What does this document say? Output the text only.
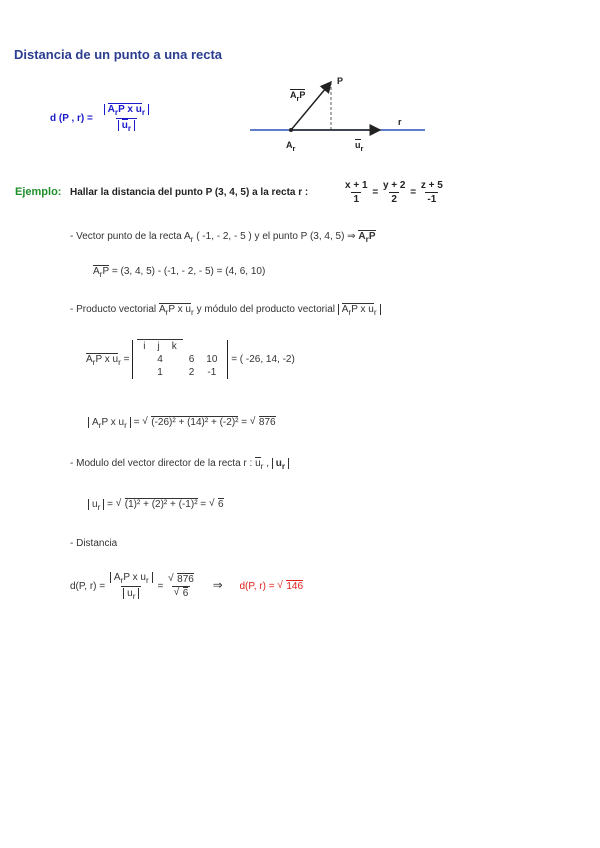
Distancia de un punto a una recta
d (P , $r) = \frac{A_rP x u_r}{u_r}$
P
r
$A_rP$
$A_r$	$u_r$
Ejemplo: Hallar la distancia del punto P (3, 4, 5) a la recta r :	$\frac{x + 1}{1} = \frac{y + 2}{2} = \frac{z + 5}{-1}$
- Vector punto de la recta $A_r$ ( -1, - 2, - 5 ) y el punto P (3, 4, 5) ⇒ $A_rP$
$A_rP = (3$, 4, 5) - (-1, - 2, - 5) = (4, 6, 10)
- Producto vectorial $A_rP$ x $u_r$ y módulo del producto vectorial $A_rP$ x $u_r$
$A_rP$ x $u_r$ =
i j k
4	6	10
1	2	-1
= ( -26, 14, -2)
$A_rP$ x $u_r$ = √ (-26)² + (14)² + (-2)² = √ 876
- Modulo del vector director de la recta r : $u_r$ , $u_r$
$u_r$ = √ (1)² + (2)² + (-1)² = √ 6
- Distancia
d(P, $r) = \frac{A_rP x u_r}{u_r}$ = √ 876
√ 6 ⇒ d(P, r) = √ 146
